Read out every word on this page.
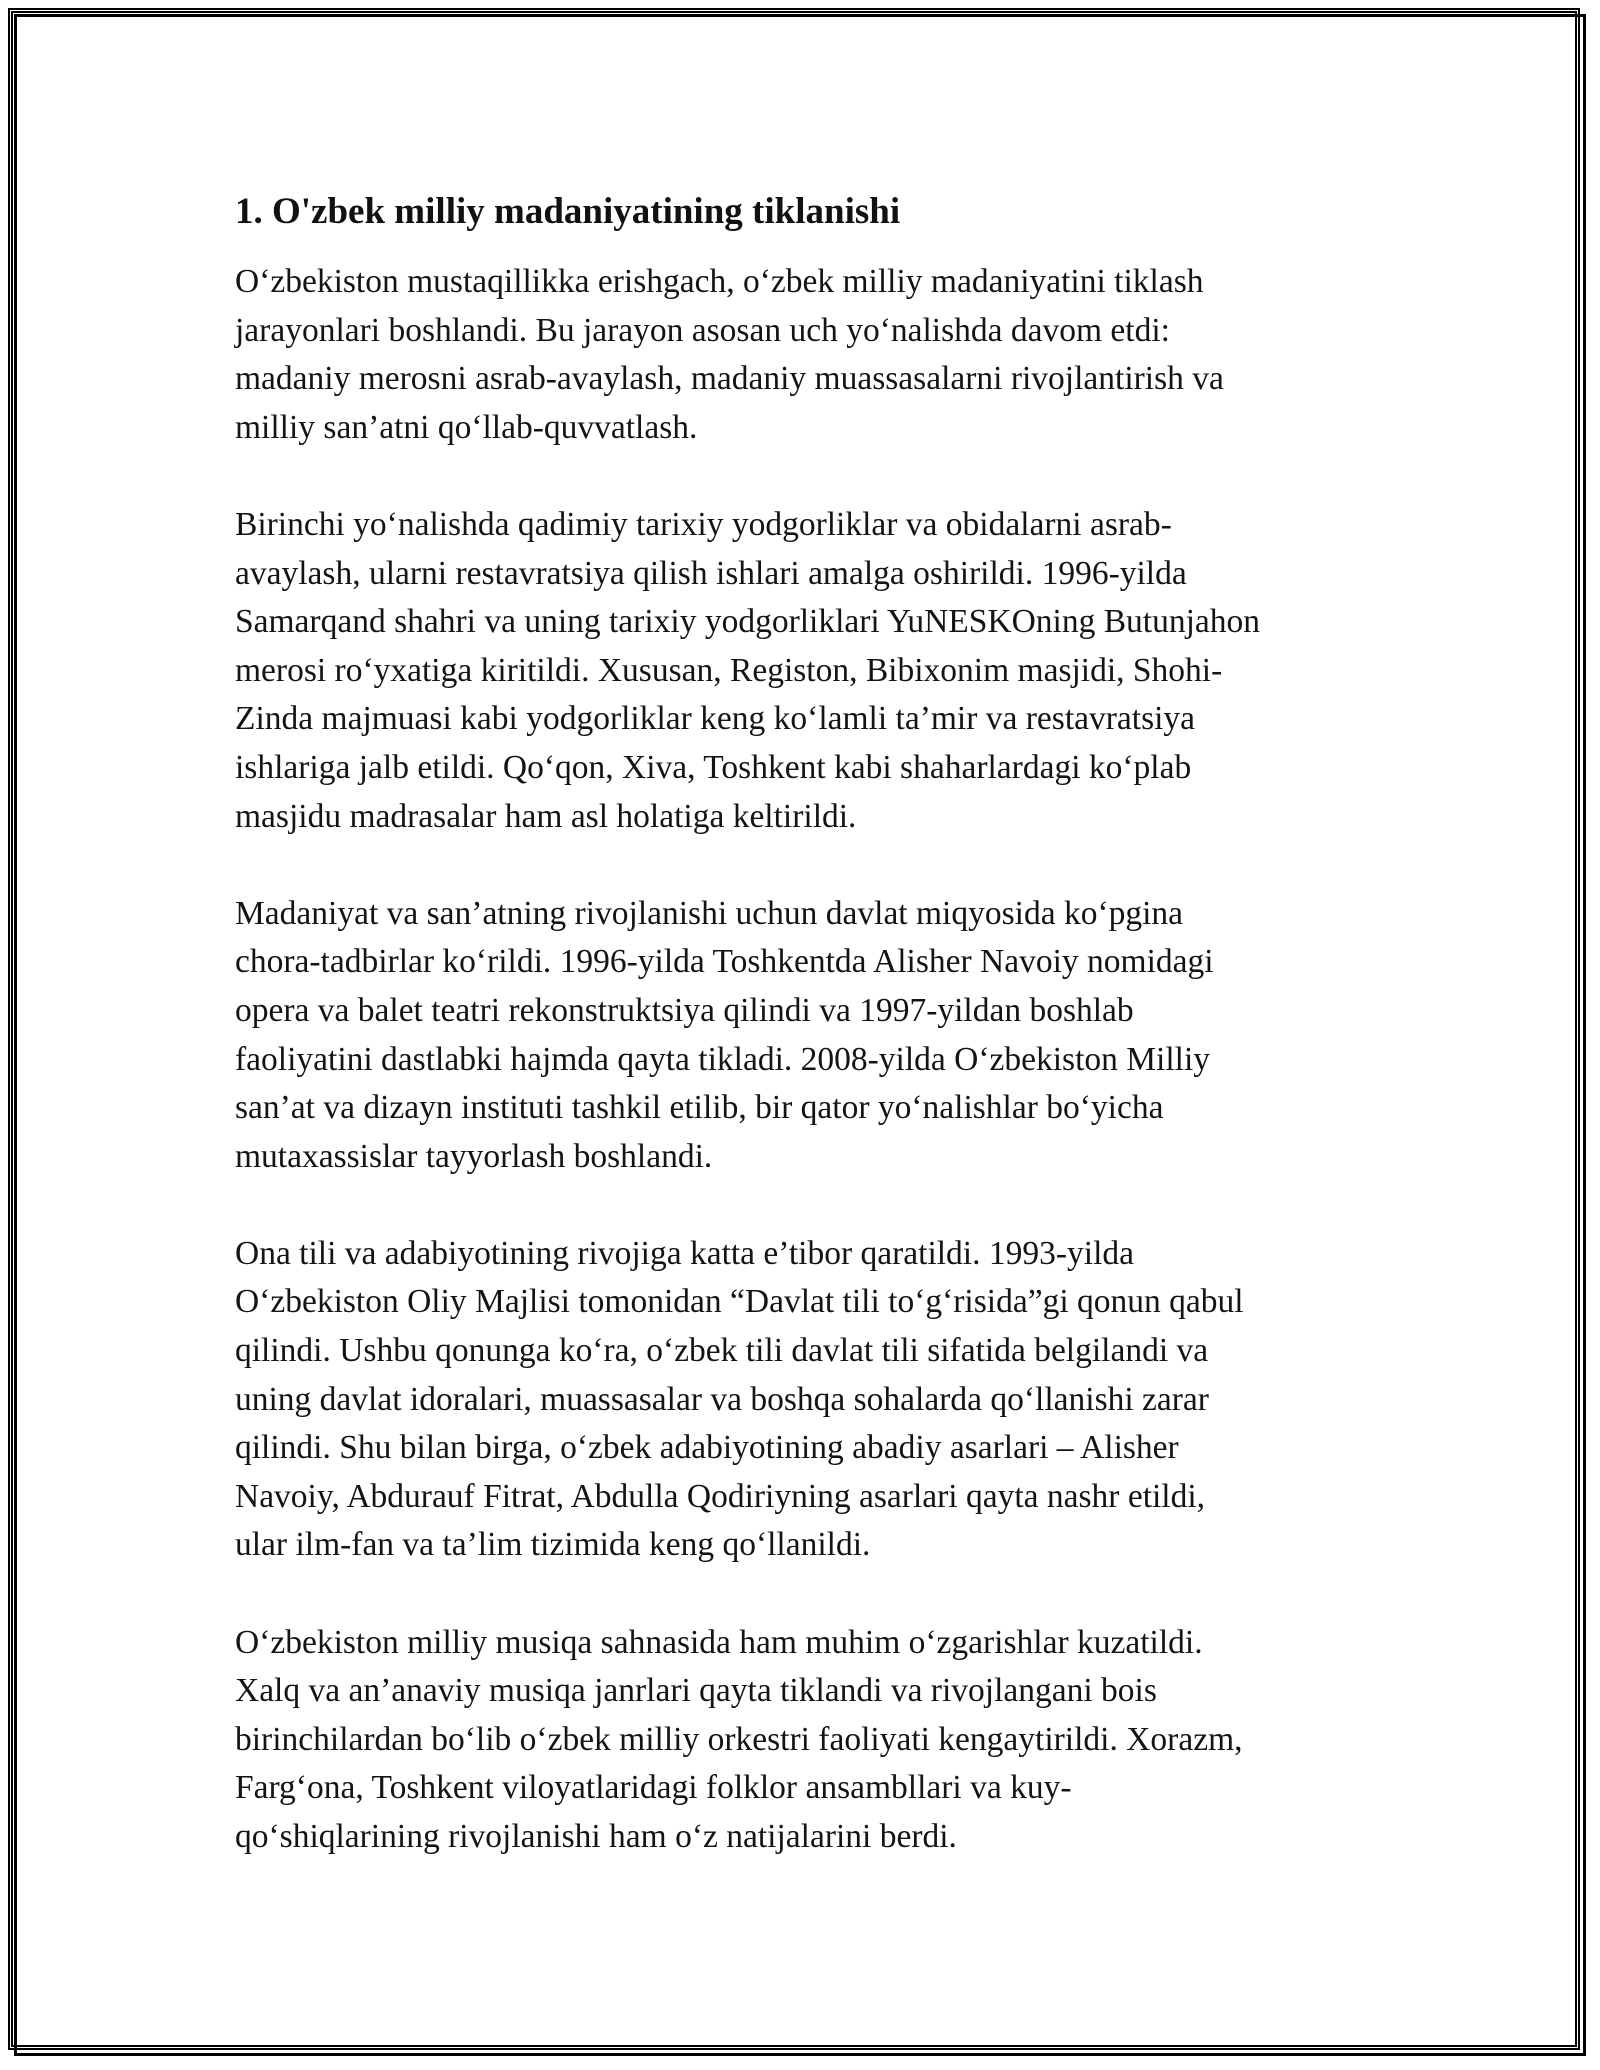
1. O'zbek milliy madaniyatining tiklanishi

O‘zbekiston mustaqillikka erishgach, o‘zbek milliy madaniyatini tiklash
jarayonlari boshlandi. Bu jarayon asosan uch yo‘nalishda davom etdi:
madaniy merosni asrab-avaylash, madaniy muassasalarni rivojlantirish va
milliy san’atni qo‘llab-quvvatlash.

Birinchi yo‘nalishda qadimiy tarixiy yodgorliklar va obidalarni asrab-
avaylash, ularni restavratsiya qilish ishlari amalga oshirildi. 1996-yilda
Samarqand shahri va uning tarixiy yodgorliklari YuNESKOning Butunjahon
merosi ro‘yxatiga kiritildi. Xususan, Registon, Bibixonim masjidi, Shohi-
Zinda majmuasi kabi yodgorliklar keng ko‘lamli ta’mir va restavratsiya
ishlariga jalb etildi. Qo‘qon, Xiva, Toshkent kabi shaharlardagi ko‘plab
masjidu madrasalar ham asl holatiga keltirildi.

Madaniyat va san’atning rivojlanishi uchun davlat miqyosida ko‘pgina
chora-tadbirlar ko‘rildi. 1996-yilda Toshkentda Alisher Navoiy nomidagi
opera va balet teatri rekonstruktsiya qilindi va 1997-yildan boshlab
faoliyatini dastlabki hajmda qayta tikladi. 2008-yilda O‘zbekiston Milliy
san’at va dizayn instituti tashkil etilib, bir qator yo‘nalishlar bo‘yicha
mutaxassislar tayyorlash boshlandi.

Ona tili va adabiyotining rivojiga katta e’tibor qaratildi. 1993-yilda
O‘zbekiston Oliy Majlisi tomonidan “Davlat tili to‘g‘risida”gi qonun qabul
qilindi. Ushbu qonunga ko‘ra, o‘zbek tili davlat tili sifatida belgilandi va
uning davlat idoralari, muassasalar va boshqa sohalarda qo‘llanishi zarar
qilindi. Shu bilan birga, o‘zbek adabiyotining abadiy asarlari – Alisher
Navoiy, Abdurauf Fitrat, Abdulla Qodiriyning asarlari qayta nashr etildi,
ular ilm-fan va ta’lim tizimida keng qo‘llanildi.

O‘zbekiston milliy musiqa sahnasida ham muhim o‘zgarishlar kuzatildi.
Xalq va an’anaviy musiqa janrlari qayta tiklandi va rivojlangani bois
birinchilardan bo‘lib o‘zbek milliy orkestri faoliyati kengaytirildi. Xorazm,
Farg‘ona, Toshkent viloyatlaridagi folklor ansambllari va kuy-
qo‘shiqlarining rivojlanishi ham o‘z natijalarini berdi.
